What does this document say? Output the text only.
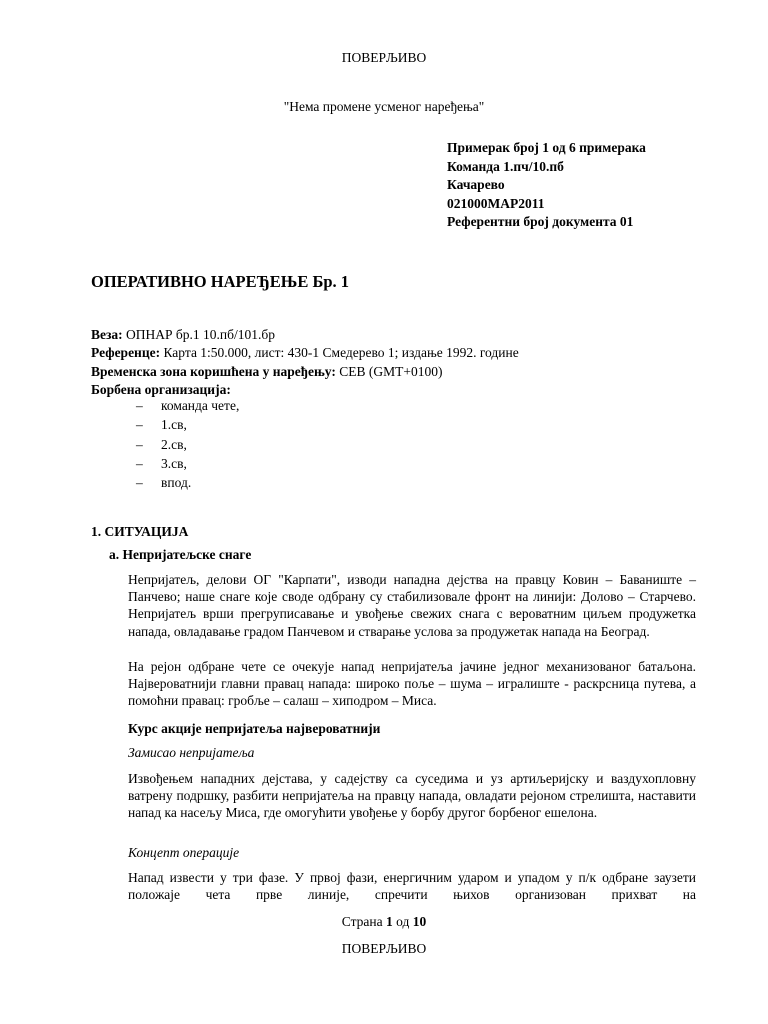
ПОВЕРЉИВО
"Нема промене усменог наређења"
Примерак број 1 од 6 примерака
Команда 1.пч/10.пб
Качарево
021000MAP2011
Референтни број документа 01
ОПЕРАТИВНО НАРЕЂЕЊЕ Бр. 1
Веза: ОПНАР бр.1 10.пб/101.бр
Референце: Карта 1:50.000, лист: 430-1 Смедерево 1; издање 1992. године
Временска зона коришћена у наређењу: CEB (GMT+0100)
Борбена организација:
– команда чете,
– 1.св,
– 2.св,
– 3.св,
– впод.
1. СИТУАЦИЈА
a. Непријатељске снаге
Непријатељ, делови ОГ "Карпати", изводи нападна дејства на правцу Ковин – Баваниште – Панчево; наше снаге које сводe одбрану су стабилизовале фронт на линији: Долово – Старчево. Непријатељ врши прегруписавање и увођење свежих снага с вероватним циљем продужетка напада, овладавање градом Панчевом и стварање услова за продужетак напада на Београд.
На рејон одбране чете се очекује напад непријатеља јачине једног механизованог батаљона. Највероватнији главни правац напада: широко поље – шума – игралиште - раскрсница путева, а помоћни правац: гробље – салаш – хиподром – Миса.
Курс акције непријатеља највероватнији
Замисао непријатеља
Извођењем нападних дејстава, у садејству са суседима и уз артиљеријску и ваздухопловну ватрену подршку, разбити непријатеља на правцу напада, овладати рејоном стрелишта, наставити напад ка насељу Миса, где омогућити увођење у борбу другог борбеног ешелона.
Концепт операције
Напад извести у три фазе. У првој фази, енергичним ударом и упадом у п/к одбране заузети положаје чета прве линије, спречити њихов организован прихват на
Страна 1 од 10
ПОВЕРЉИВО
